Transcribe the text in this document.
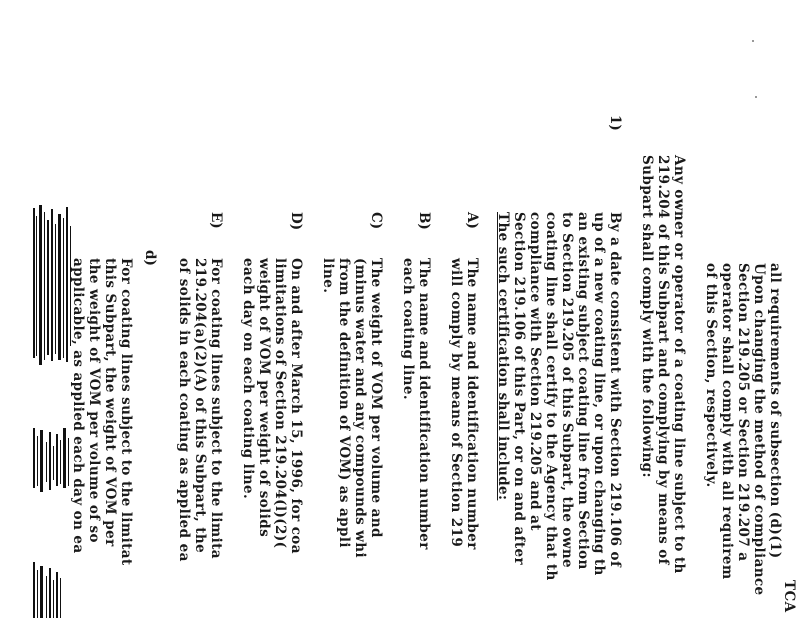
TCA
all requirements of subsection (d)(1)
Upon changing the method of compliance
Section 219.205 or Section 219.207 a
operator shall comply with all requirem
of this Section, respectively.
Any owner or operator of a coating line subject to th
219.204 of this Subpart and complying by means of
Subpart shall comply with the following:
1)
By a date consistent with Section 219.106 of
up of a new coating line, or upon changing th
an existing subject coating line from Section
to Section 219.205 of this Subpart, the owne
coating line shall certify to the Agency that th
compliance with Section 219.205 and at
Section 219.106 of this Part, or on and after
The such certification shall include:
A)
The name and identification number
will comply by means of Section 219
B)
The name and identification number
each coating line.
C)
The weight of VOM per volume and
(minus water and any compounds whi
from the definition of VOM) as appli
line.
D)
On and after March 15, 1996, for coa
limitations of Section 219.204(l)(2)(
weight of VOM per weight of solids
each day on each coating line.
E)
For coating lines subject to the limita
219.204(a)(2)(A) of this Subpart, the
of solids in each coating as applied ea
d)
For coating lines subject to the limitat
this Subpart, the weight of VOM per
the weight of VOM per volume of so
applicable, as applied each day on ea
